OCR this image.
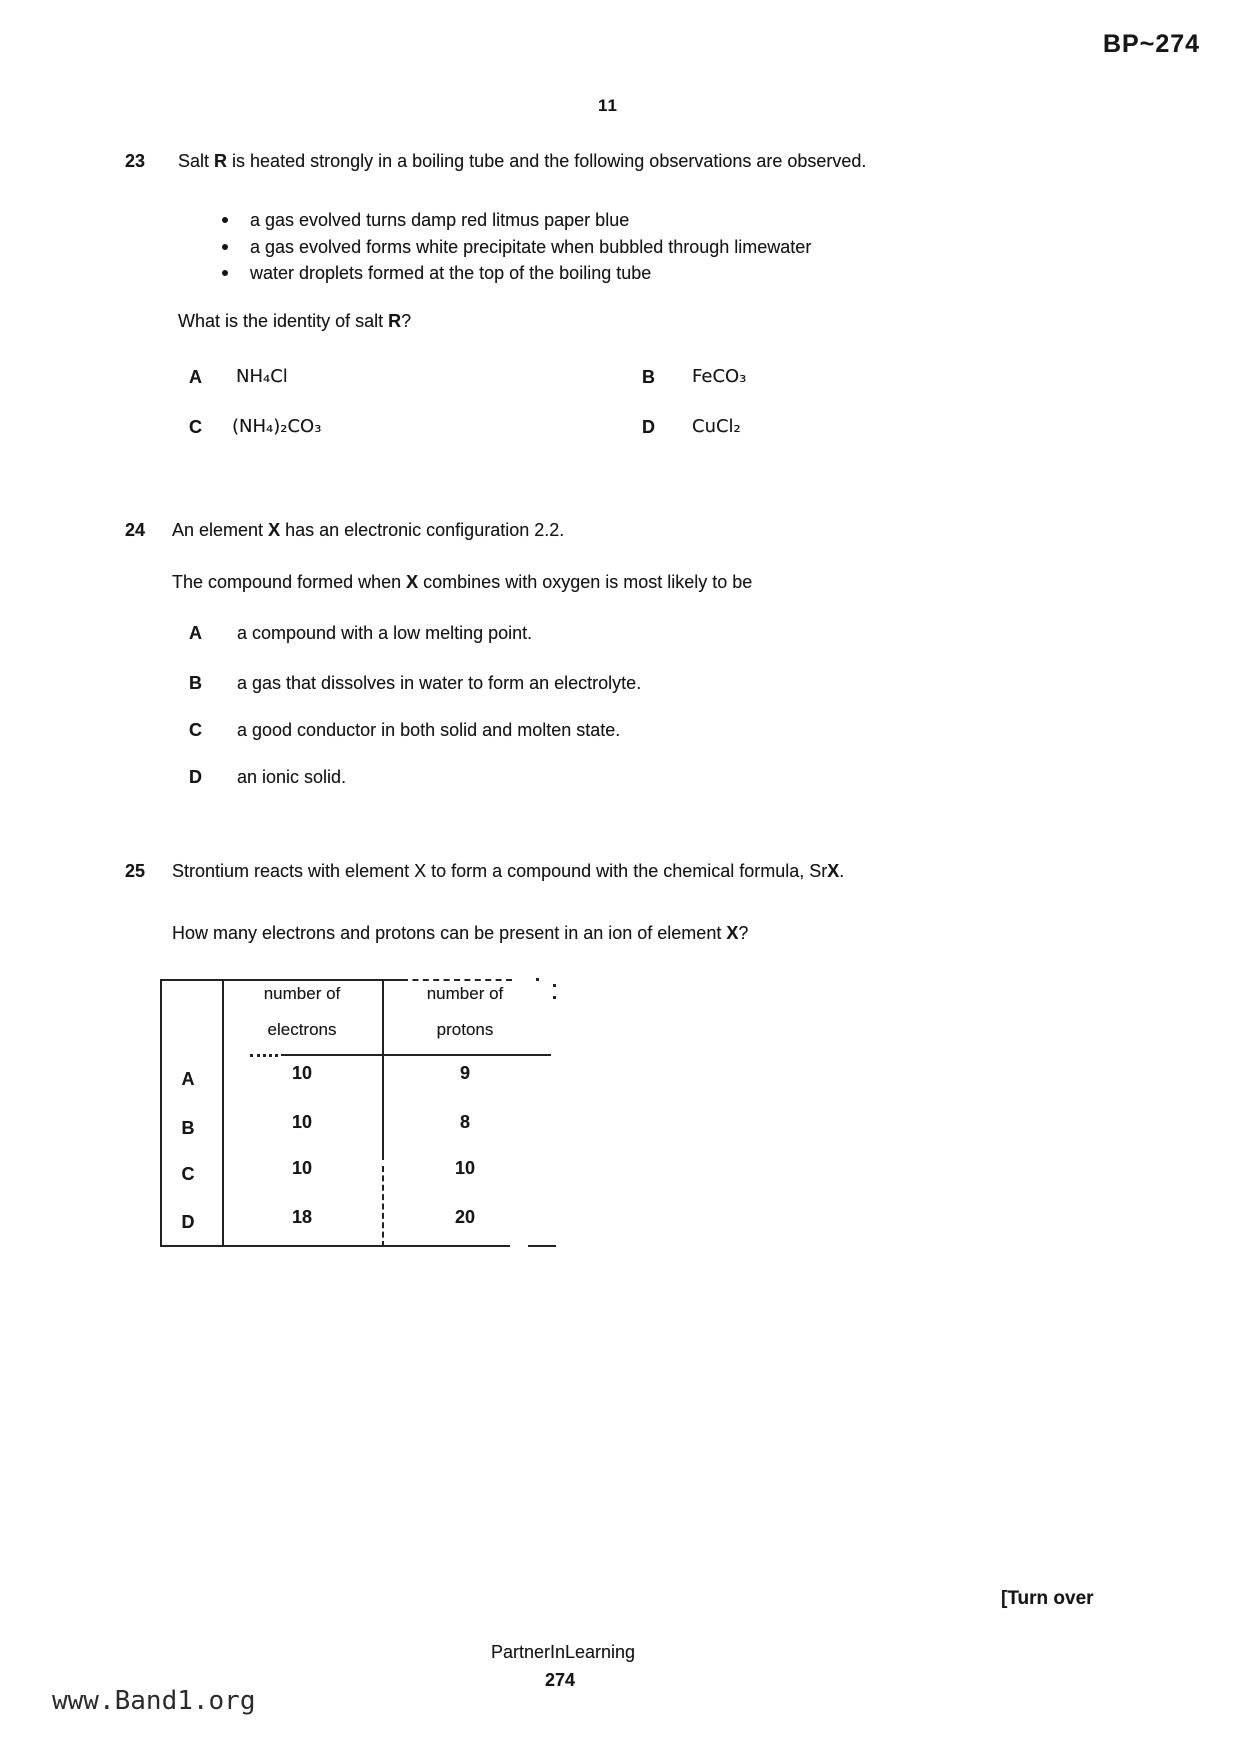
BP~274
11
23 Salt R is heated strongly in a boiling tube and the following observations are observed.
a gas evolved turns damp red litmus paper blue
a gas evolved forms white precipitate when bubbled through limewater
water droplets formed at the top of the boiling tube
What is the identity of salt R?
A NH₄Cl	B FeCO₃
C (NH₄)₂CO₃	D CuCl₂
24 An element X has an electronic configuration 2.2.
The compound formed when X combines with oxygen is most likely to be
A a compound with a low melting point.
B a gas that dissolves in water to form an electrolyte.
C a good conductor in both solid and molten state.
D an ionic solid.
25 Strontium reacts with element X to form a compound with the chemical formula, SrX.
How many electrons and protons can be present in an ion of element X?
number of
electrons
number of
protons
A	10	9
B	10	8
C	10	10
D	18	20
[Turn over
PartnerInLearning
274
www.Band1.org
